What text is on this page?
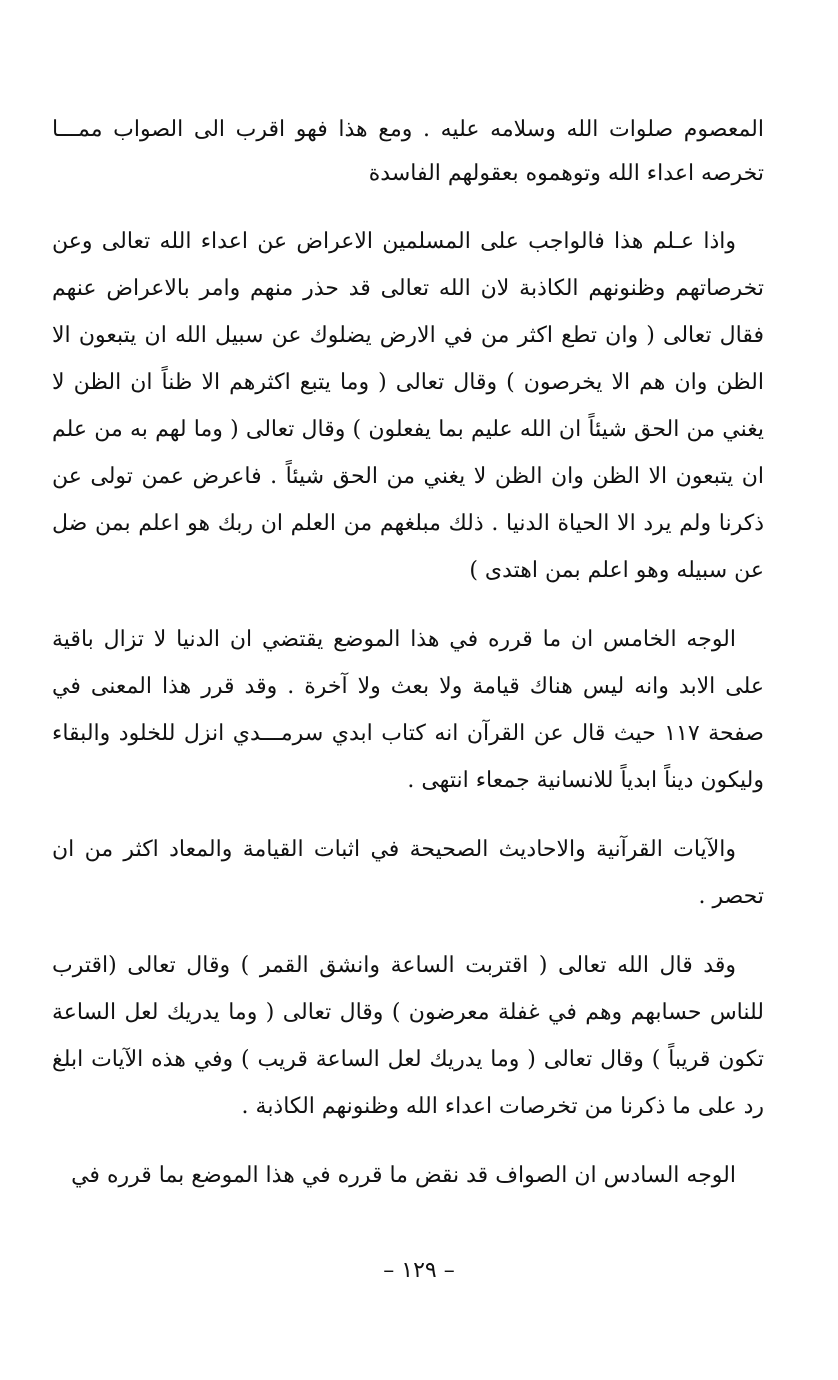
المعصوم صلوات الله وسلامه عليه . ومع هذا فهو اقرب الى الصواب ممـــا تخرصه اعداء الله وتوهموه بعقولهم الفاسدة

واذا عـلم هذا فالواجب على المسلمين الاعراض عن اعداء الله تعالى وعن تخرصاتهم وظنونهم الكاذبة لان الله تعالى قد حذر منهم وامر بالاعراض عنهم فقال تعالى ( وان تطع اكثر من في الارض يضلوك عن سبيل الله ان يتبعون الا الظن وان هم الا يخرصون ) وقال تعالى ( وما يتبع اكثرهم الا ظناً ان الظن لا يغني من الحق شيئاً ان الله عليم بما يفعلون ) وقال تعالى ( وما لهم به من علم ان يتبعون الا الظن وان الظن لا يغني من الحق شيئاً . فاعرض عمن تولى عن ذكرنا ولم يرد الا الحياة الدنيا . ذلك مبلغهم من العلم ان ربك هو اعلم بمن ضل عن سبيله وهو اعلم بمن اهتدى )

الوجه الخامس ان ما قرره في هذا الموضع يقتضي ان الدنيا لا تزال باقية على الابد وانه ليس هناك قيامة ولا بعث ولا آخرة . وقد قرر هذا المعنى في صفحة ١١٧ حيث قال عن القرآن انه كتاب ابدي سرمـــدي انزل للخلود والبقاء وليكون ديناً ابدياً للانسانية جمعاء انتهى .

والآيات القرآنية والاحاديث الصحيحة في اثبات القيامة والمعاد اكثر من ان تحصر .

وقد قال الله تعالى ( اقتربت الساعة وانشق القمر ) وقال تعالى (اقترب للناس حسابهم وهم في غفلة معرضون ) وقال تعالى ( وما يدريك لعل الساعة تكون قريباً ) وقال تعالى ( وما يدريك لعل الساعة قريب ) وفي هذه الآيات ابلغ رد على ما ذكرنا من تخرصات اعداء الله وظنونهم الكاذبة .

الوجه السادس ان الصواف قد نقض ما قرره في هذا الموضع بما قرره في

– ١٢٩ –
